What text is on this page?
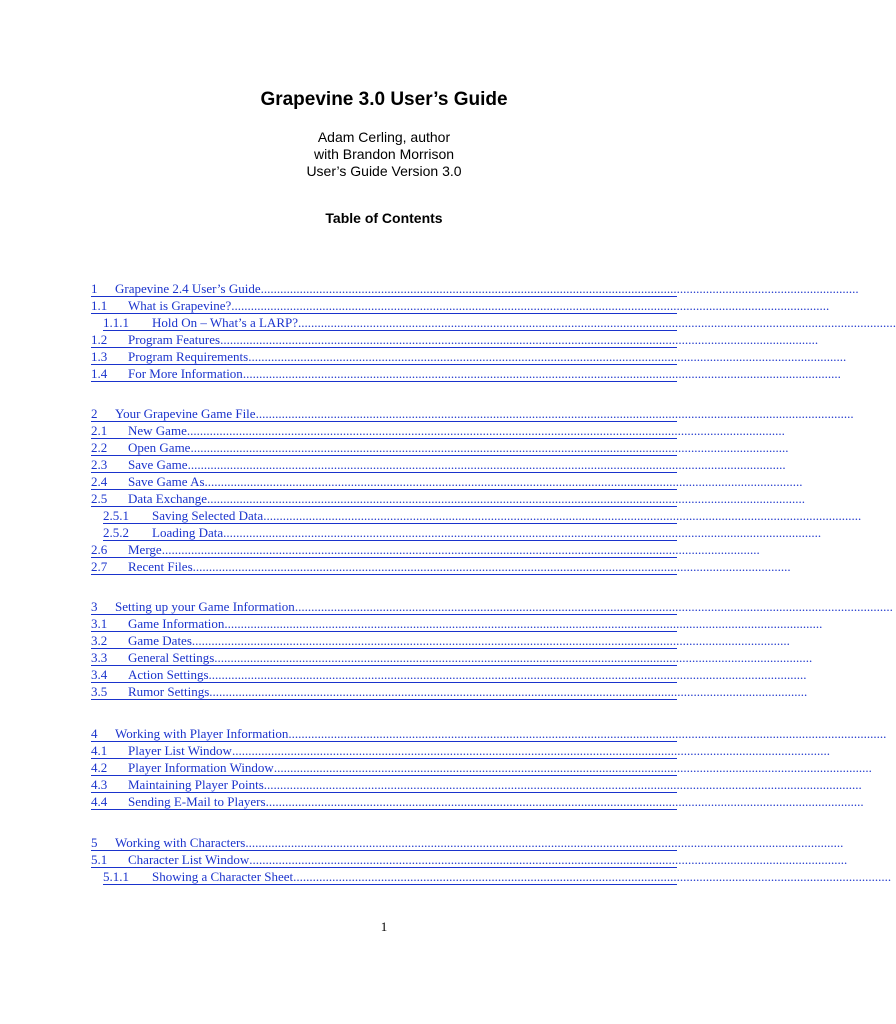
Grapevine 3.0 User’s Guide
Adam Cerling, author
with Brandon Morrison
User’s Guide Version 3.0
Table of Contents
1	Grapevine 2.4 User’s Guide ........................................................................................................................................................................................
1.1	What is Grapevine? ........................................................................................................................................................................................
1.1.1	Hold On – What’s a LARP? ........................................................................................................................................................................................
1.2	Program Features ........................................................................................................................................................................................
1.3	Program Requirements ........................................................................................................................................................................................
1.4	For More Information ........................................................................................................................................................................................
2	Your Grapevine Game File ........................................................................................................................................................................................
2.1	New Game ........................................................................................................................................................................................
2.2	Open Game ........................................................................................................................................................................................
2.3	Save Game ........................................................................................................................................................................................
2.4	Save Game As ........................................................................................................................................................................................
2.5	Data Exchange ........................................................................................................................................................................................
2.5.1	Saving Selected Data ........................................................................................................................................................................................
2.5.2	Loading Data ........................................................................................................................................................................................
2.6	Merge ........................................................................................................................................................................................
2.7	Recent Files ........................................................................................................................................................................................
3	Setting up your Game Information ........................................................................................................................................................................................
3.1	Game Information ........................................................................................................................................................................................
3.2	Game Dates ........................................................................................................................................................................................
3.3	General Settings ........................................................................................................................................................................................
3.4	Action Settings ........................................................................................................................................................................................
3.5	Rumor Settings ........................................................................................................................................................................................
4	Working with Player Information ........................................................................................................................................................................................
4.1	Player List Window ........................................................................................................................................................................................
4.2	Player Information Window ........................................................................................................................................................................................
4.3	Maintaining Player Points ........................................................................................................................................................................................
4.4	Sending E-Mail to Players ........................................................................................................................................................................................
5	Working with Characters ........................................................................................................................................................................................
5.1	Character List Window ........................................................................................................................................................................................
5.1.1	Showing a Character Sheet ........................................................................................................................................................................................
1
